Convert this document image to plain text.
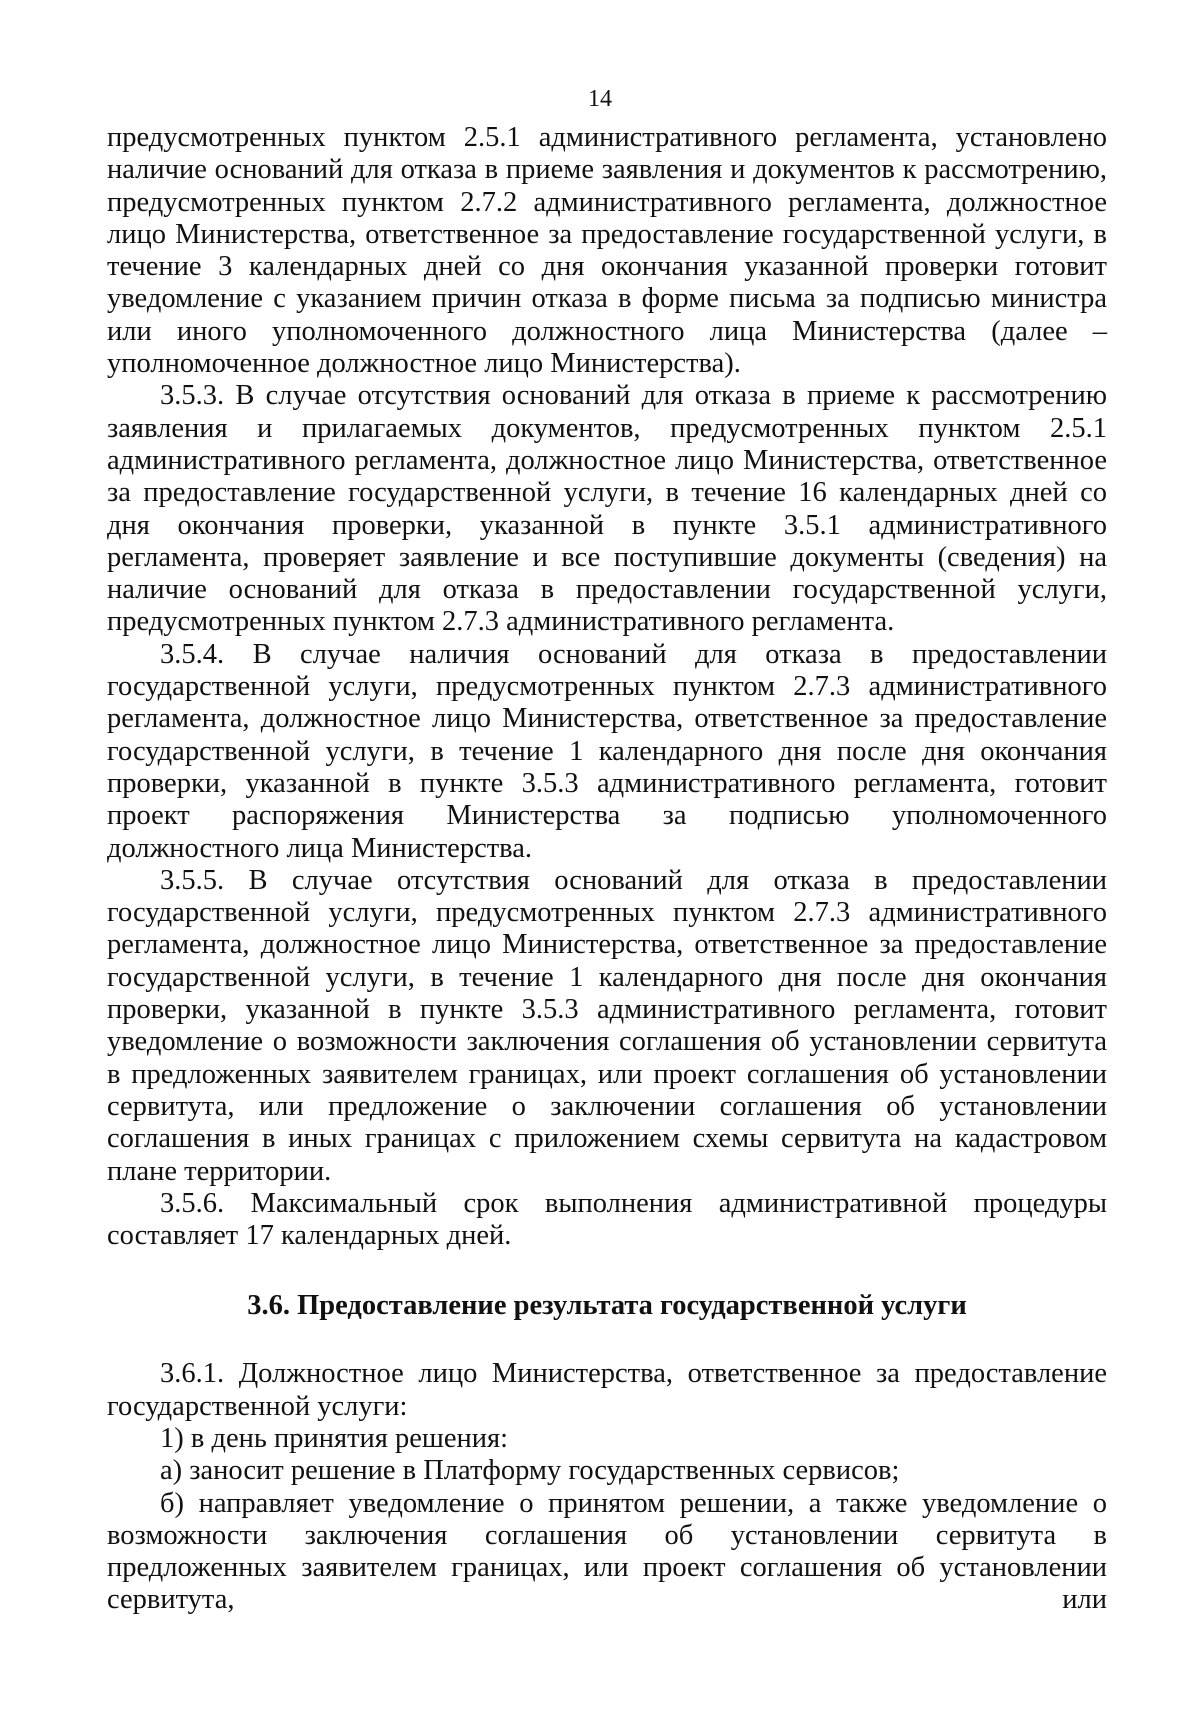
14

предусмотренных пунктом 2.5.1 административного регламента, установлено наличие оснований для отказа в приеме заявления и документов к рассмотрению, предусмотренных пунктом 2.7.2 административного регламента, должностное лицо Министерства, ответственное за предоставление государственной услуги, в течение 3 календарных дней со дня окончания указанной проверки готовит уведомление с указанием причин отказа в форме письма за подписью министра или иного уполномоченного должностного лица Министерства (далее – уполномоченное должностное лицо Министерства).

3.5.3. В случае отсутствия оснований для отказа в приеме к рассмотрению заявления и прилагаемых документов, предусмотренных пунктом 2.5.1 административного регламента, должностное лицо Министерства, ответственное за предоставление государственной услуги, в течение 16 календарных дней со дня окончания проверки, указанной в пункте 3.5.1 административного регламента, проверяет заявление и все поступившие документы (сведения) на наличие оснований для отказа в предоставлении государственной услуги, предусмотренных пунктом 2.7.3 административного регламента.

3.5.4. В случае наличия оснований для отказа в предоставлении государственной услуги, предусмотренных пунктом 2.7.3 административного регламента, должностное лицо Министерства, ответственное за предоставление государственной услуги, в течение 1 календарного дня после дня окончания проверки, указанной в пункте 3.5.3 административного регламента, готовит проект распоряжения Министерства за подписью уполномоченного должностного лица Министерства.

3.5.5. В случае отсутствия оснований для отказа в предоставлении государственной услуги, предусмотренных пунктом 2.7.3 административного регламента, должностное лицо Министерства, ответственное за предоставление государственной услуги, в течение 1 календарного дня после дня окончания проверки, указанной в пункте 3.5.3 административного регламента, готовит уведомление о возможности заключения соглашения об установлении сервитута в предложенных заявителем границах, или проект соглашения об установлении сервитута, или предложение о заключении соглашения об установлении соглашения в иных границах с приложением схемы сервитута на кадастровом плане территории.

3.5.6. Максимальный срок выполнения административной процедуры составляет 17 календарных дней.

3.6. Предоставление результата государственной услуги

3.6.1. Должностное лицо Министерства, ответственное за предоставление государственной услуги:

1) в день принятия решения:

а) заносит решение в Платформу государственных сервисов;

б) направляет уведомление о принятом решении, а также уведомление о возможности заключения соглашения об установлении сервитута в предложенных заявителем границах, или проект соглашения об установлении сервитута, или
